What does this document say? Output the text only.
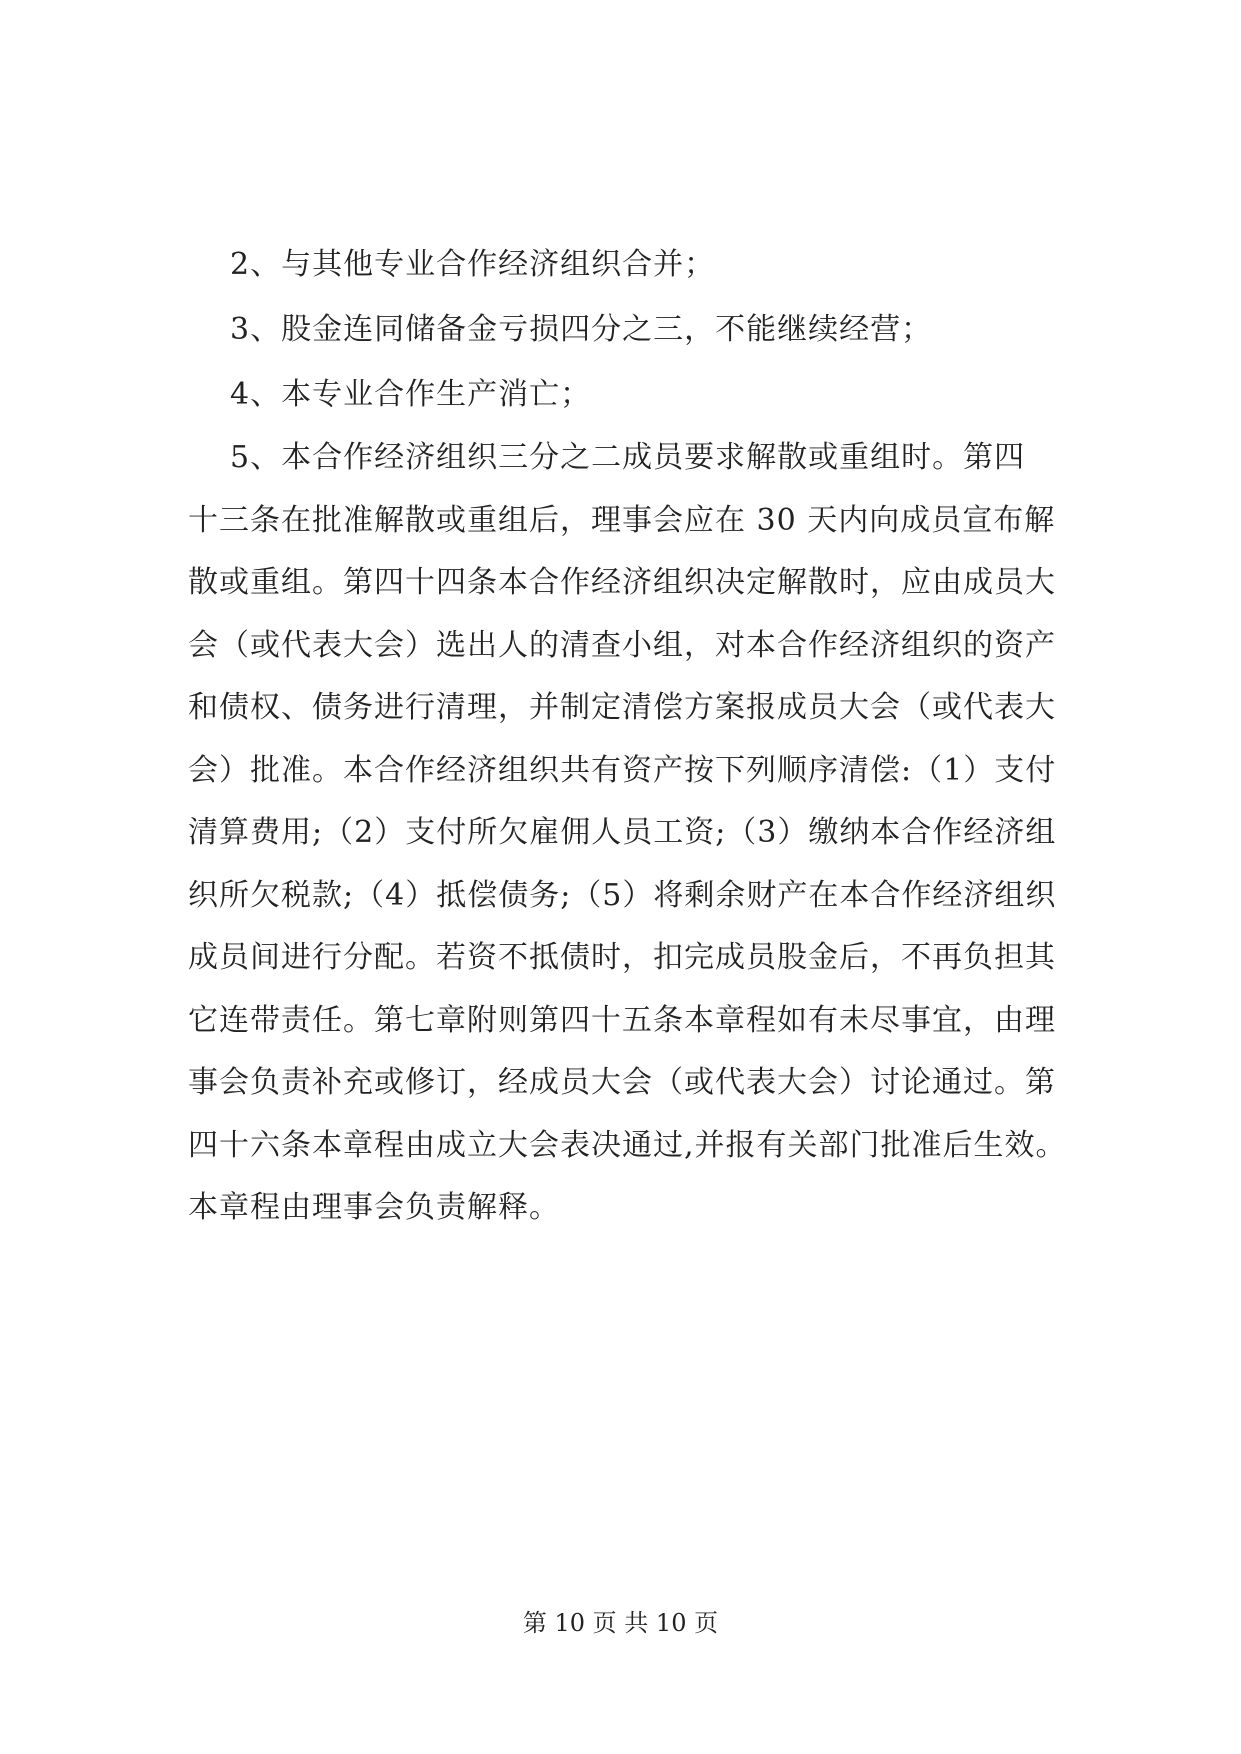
2、与其他专业合作经济组织合并；
3、股金连同储备金亏损四分之三，不能继续经营；
4、本专业合作生产消亡；
5、本合作经济组织三分之二成员要求解散或重组时。第四
十三条在批准解散或重组后，理事会应在 30 天内向成员宣布解
散或重组。第四十四条本合作经济组织决定解散时，应由成员大
会（或代表大会）选出人的清查小组，对本合作经济组织的资产
和债权、债务进行清理，并制定清偿方案报成员大会（或代表大
会）批准。本合作经济组织共有资产按下列顺序清偿:（1）支付
清算费用;（2）支付所欠雇佣人员工资;（3）缴纳本合作经济组
织所欠税款;（4）抵偿债务;（5）将剩余财产在本合作经济组织
成员间进行分配。若资不抵债时，扣完成员股金后，不再负担其
它连带责任。第七章附则第四十五条本章程如有未尽事宜，由理
事会负责补充或修订，经成员大会（或代表大会）讨论通过。第
四十六条本章程由成立大会表决通过,并报有关部门批准后生效。
本章程由理事会负责解释。
第 10 页 共 10 页
